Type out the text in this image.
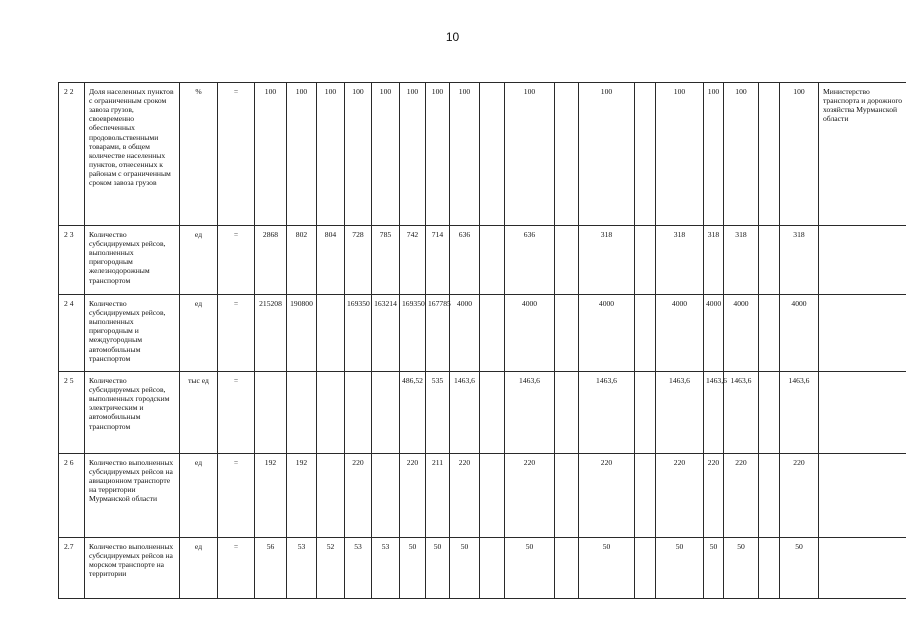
10
2 2	Доля населенных пунктов с ограниченным сроком завоза грузов, своевременно обеспеченных продовольственными товарами, в общем количестве населенных пунктов, отнесенных к районам с ограниченным сроком завоза грузов	%	=	100	100	100	100	100	100	100	100		100		100		100	100	100		100	Министерство транспорта и дорожного хозяйства Мурманской области
2 3	Количество субсидируемых рейсов, выполненных пригородным железнодорожным транспортом	ед	=	2868	802	804	728	785	742	714	636		636		318		318	318	318		318	
2 4	Количество субсидируемых рейсов, выполненных пригородным и междугородным автомобильным транспортом	ед	=	215208	190800		169350	163214	169350	167785	4000		4000		4000		4000	4000	4000		4000	
2 5	Количество субсидируемых рейсов, выполненных городским электрическим и автомобильным транспортом	тыс ед	=						486,52	535	1463,6		1463,6		1463,6		1463,6	1463,6	1463,6		1463,6	
2 6	Количество выполненных субсидируемых рейсов на авиационном транспорте на территории Мурманской области	ед	=	192	192		220		220	211	220		220		220		220	220	220		220	
2.7	Количество выполненных субсидируемых рейсов на морском транспорте на территории	ед	=	56	53	52	53	53	50	50	50		50		50		50	50	50		50	
